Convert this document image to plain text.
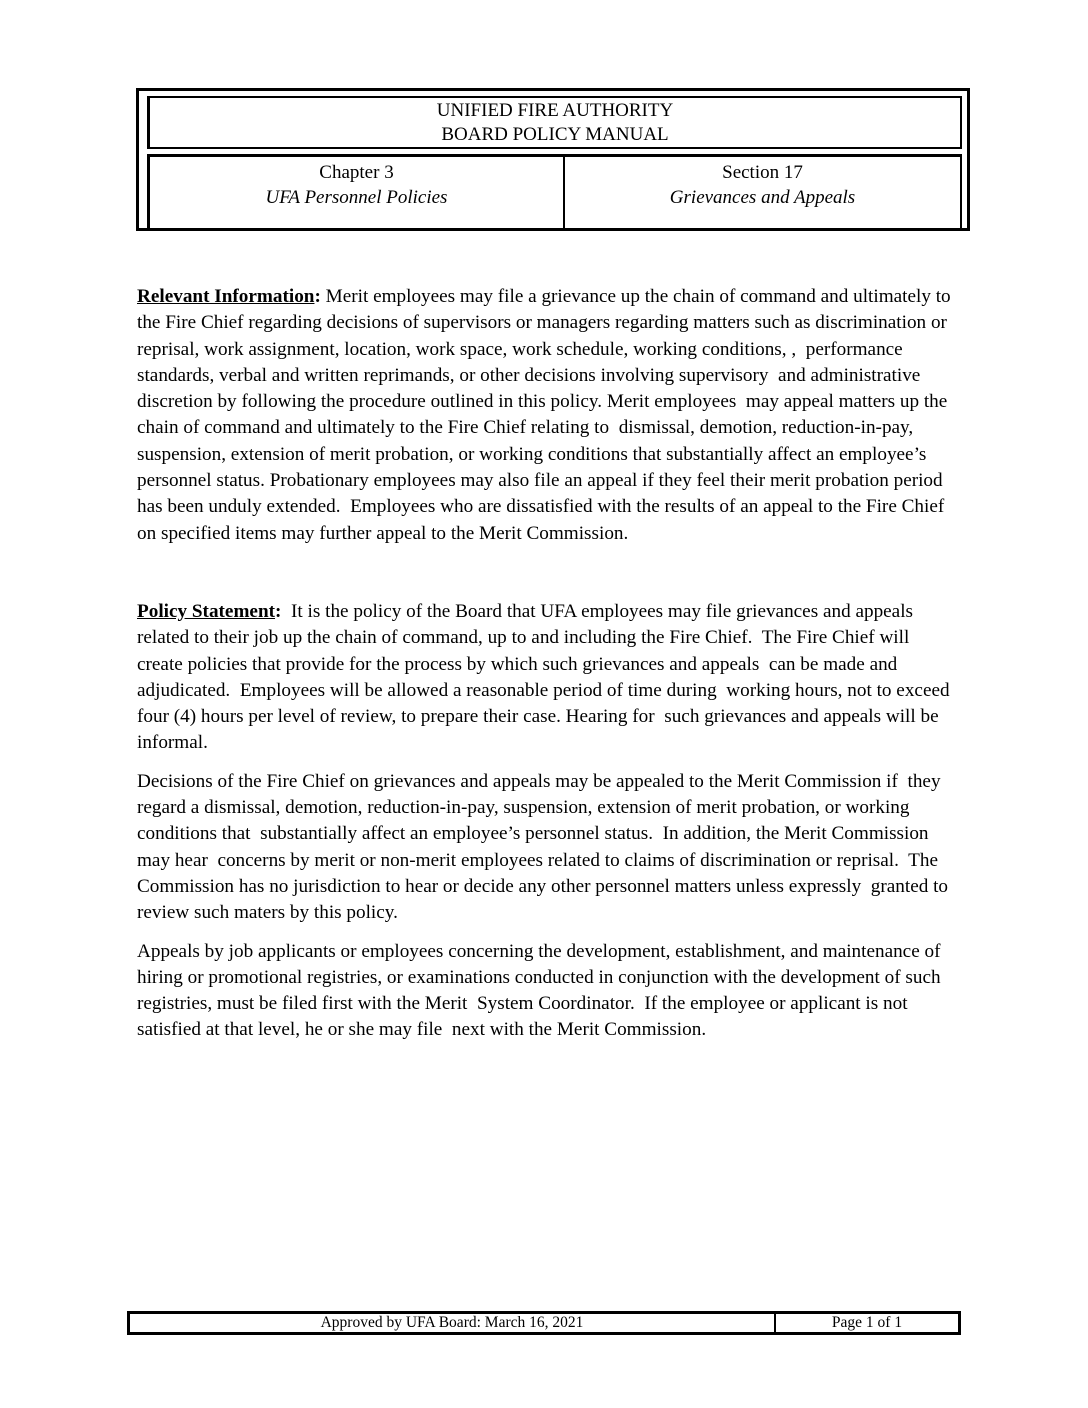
UNIFIED FIRE AUTHORITY
BOARD POLICY MANUAL
Chapter 3
UFA Personnel Policies
Section 17
Grievances and Appeals

Relevant Information: Merit employees may file a grievance up the chain of command and ultimately to the Fire Chief regarding decisions of supervisors or managers regarding matters such as discrimination or reprisal, work assignment, location, work space, work schedule, working conditions, ,  performance standards, verbal and written reprimands, or other decisions involving supervisory  and administrative discretion by following the procedure outlined in this policy. Merit employees  may appeal matters up the chain of command and ultimately to the Fire Chief relating to  dismissal, demotion, reduction-in-pay, suspension, extension of merit probation, or working conditions that substantially affect an employee’s personnel status. Probationary employees may also file an appeal if they feel their merit probation period has been unduly extended.  Employees who are dissatisfied with the results of an appeal to the Fire Chief on specified items may further appeal to the Merit Commission.

Policy Statement:  It is the policy of the Board that UFA employees may file grievances and appeals related to their job up the chain of command, up to and including the Fire Chief.  The Fire Chief will create policies that provide for the process by which such grievances and appeals  can be made and adjudicated.  Employees will be allowed a reasonable period of time during  working hours, not to exceed four (4) hours per level of review, to prepare their case. Hearing for  such grievances and appeals will be informal.

Decisions of the Fire Chief on grievances and appeals may be appealed to the Merit Commission if  they regard a dismissal, demotion, reduction-in-pay, suspension, extension of merit probation, or working conditions that  substantially affect an employee’s personnel status.  In addition, the Merit Commission may hear  concerns by merit or non-merit employees related to claims of discrimination or reprisal.  The  Commission has no jurisdiction to hear or decide any other personnel matters unless expressly  granted to review such maters by this policy.

Appeals by job applicants or employees concerning the development, establishment, and maintenance of hiring or promotional registries, or examinations conducted in conjunction with the development of such registries, must be filed first with the Merit  System Coordinator.  If the employee or applicant is not satisfied at that level, he or she may file  next with the Merit Commission.

Approved by UFA Board: March 16, 2021	Page 1 of 1
